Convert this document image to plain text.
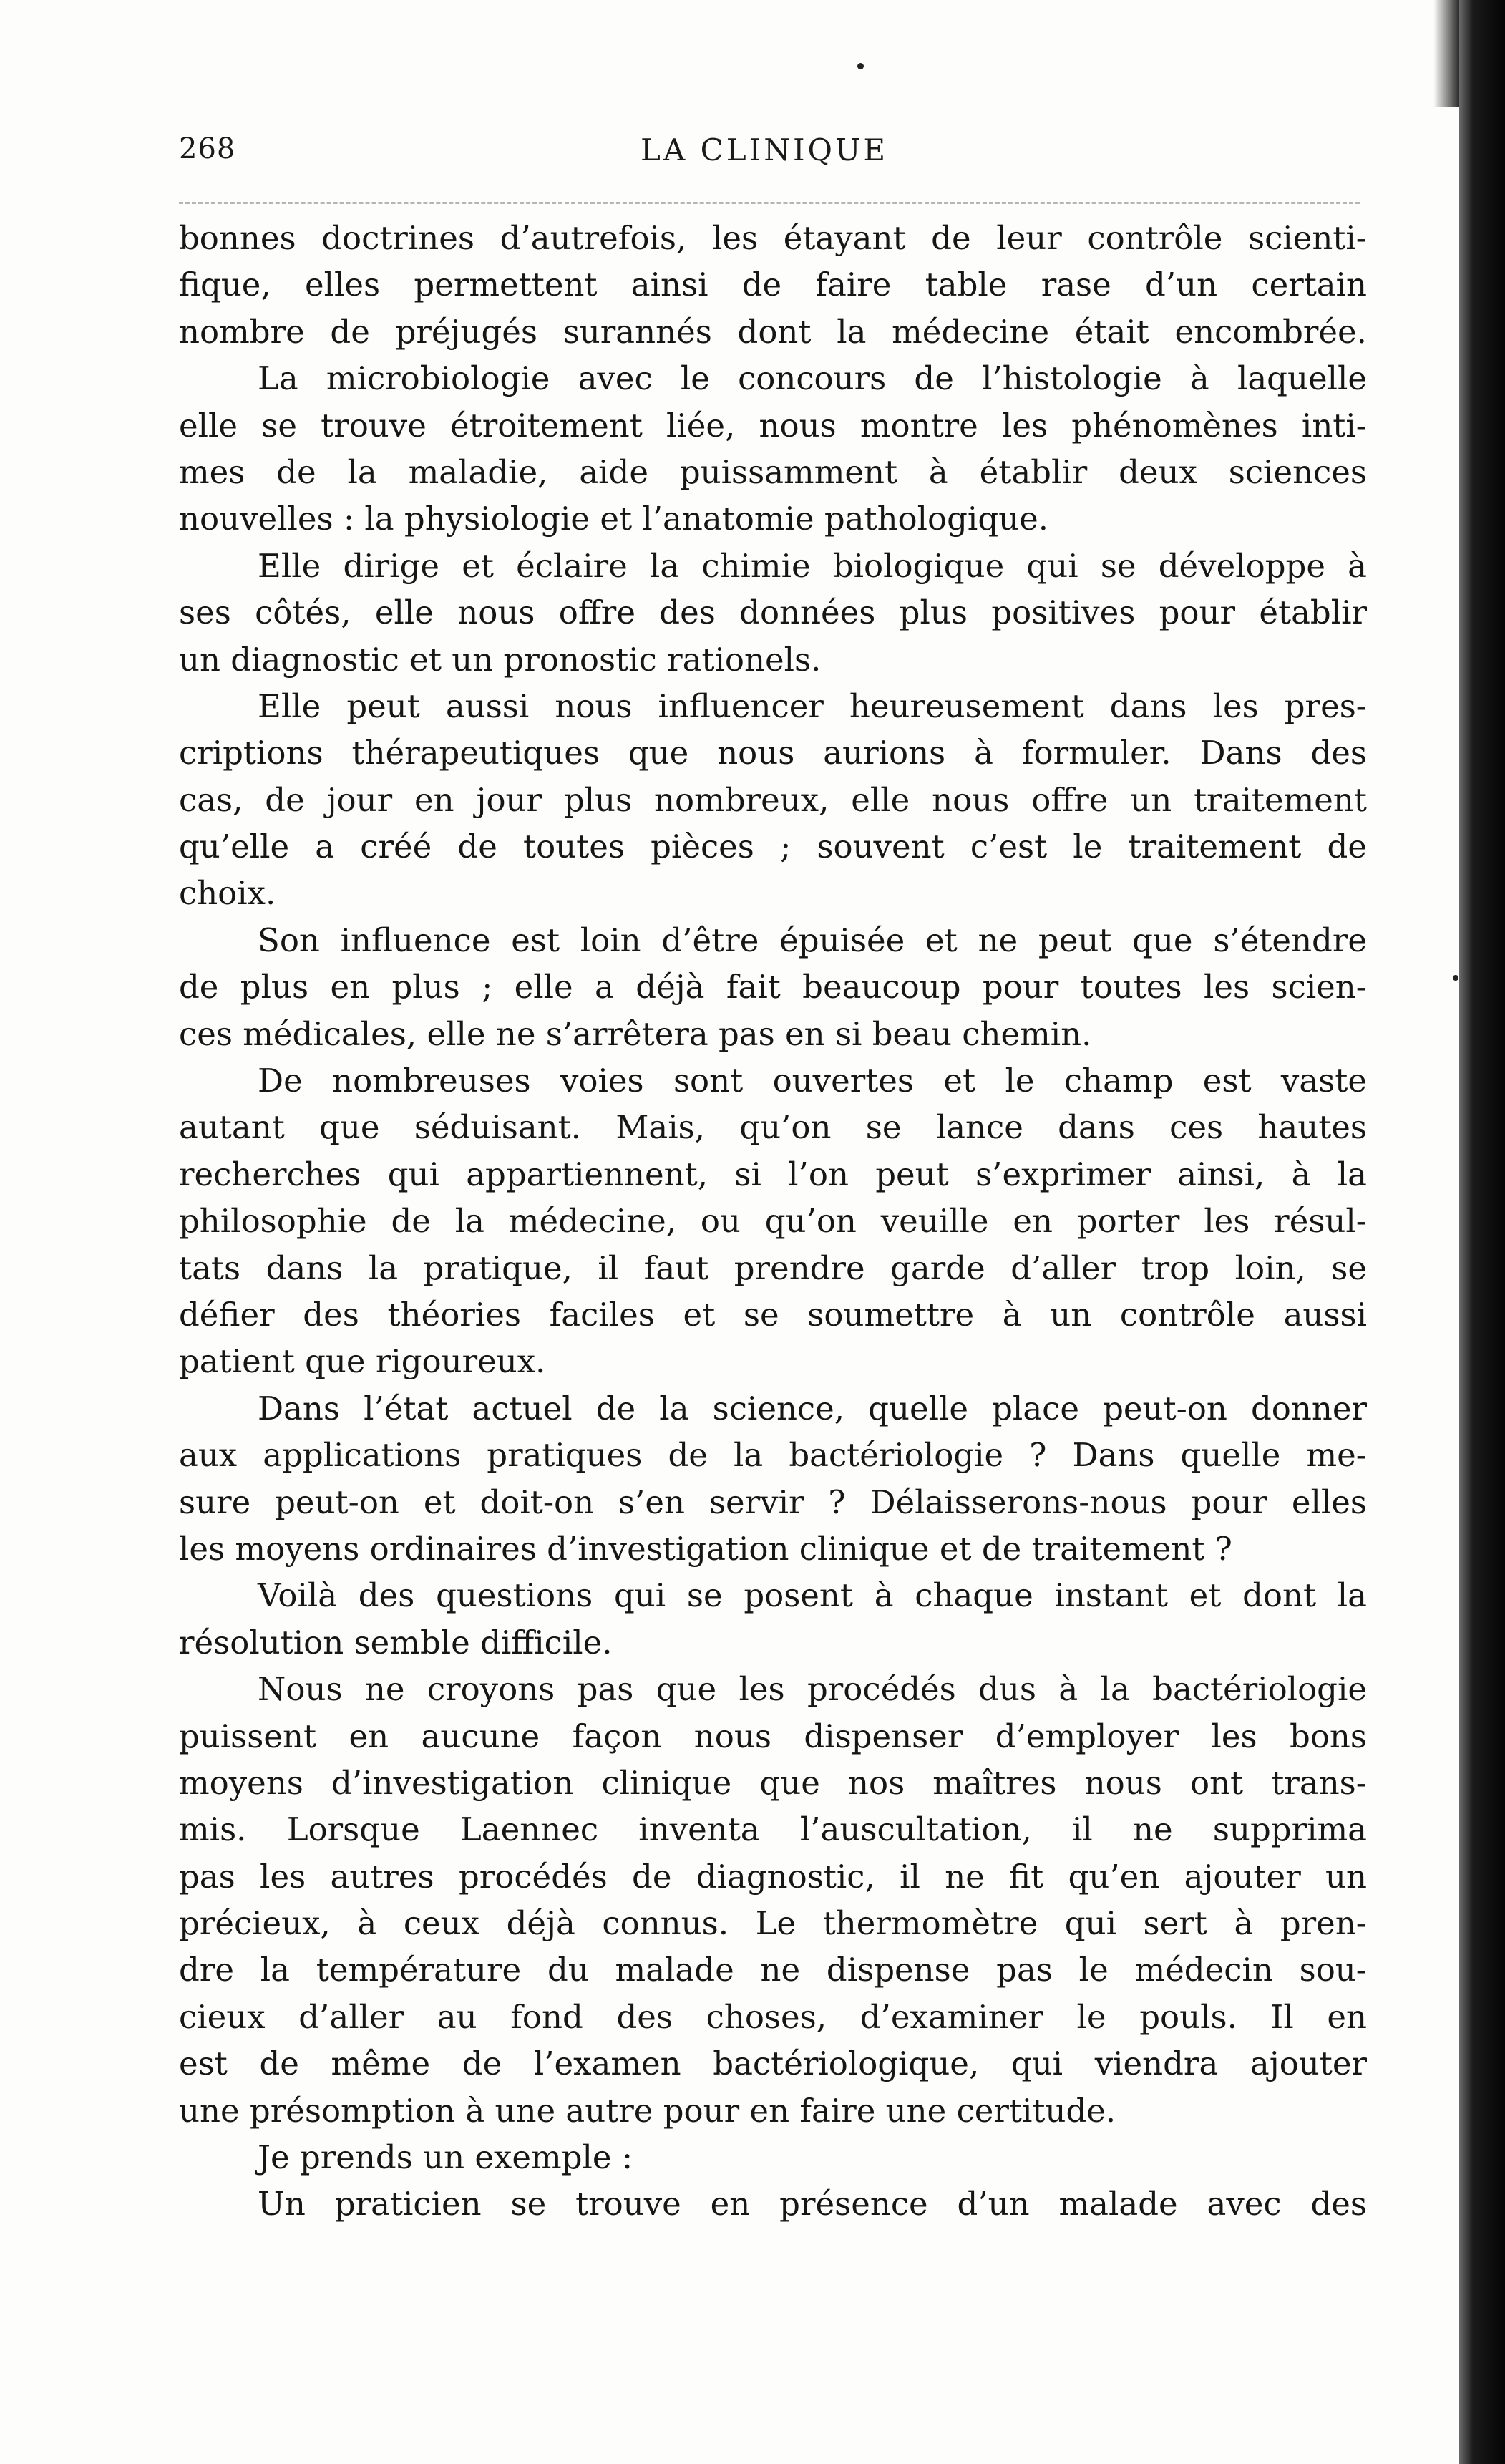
268	LA CLINIQUE
bonnes doctrines d’autrefois, les étayant de leur contrôle scienti-
fique, elles permettent ainsi de faire table rase d’un certain
nombre de préjugés surannés dont la médecine était encombrée.
La microbiologie avec le concours de l’histologie à laquelle
elle se trouve étroitement liée, nous montre les phénomènes inti-
mes de la maladie, aide puissamment à établir deux sciences
nouvelles : la physiologie et l’anatomie pathologique.
Elle dirige et éclaire la chimie biologique qui se développe à
ses côtés, elle nous offre des données plus positives pour établir
un diagnostic et un pronostic rationels.
Elle peut aussi nous influencer heureusement dans les pres-
criptions thérapeutiques que nous aurions à formuler. Dans des
cas, de jour en jour plus nombreux, elle nous offre un traitement
qu’elle a créé de toutes pièces ; souvent c’est le traitement de
choix.
Son influence est loin d’être épuisée et ne peut que s’étendre
de plus en plus ; elle a déjà fait beaucoup pour toutes les scien-
ces médicales, elle ne s’arrêtera pas en si beau chemin.
De nombreuses voies sont ouvertes et le champ est vaste
autant que séduisant. Mais, qu’on se lance dans ces hautes
recherches qui appartiennent, si l’on peut s’exprimer ainsi, à la
philosophie de la médecine, ou qu’on veuille en porter les résul-
tats dans la pratique, il faut prendre garde d’aller trop loin, se
défier des théories faciles et se soumettre à un contrôle aussi
patient que rigoureux.
Dans l’état actuel de la science, quelle place peut-on donner
aux applications pratiques de la bactériologie ? Dans quelle me-
sure peut-on et doit-on s’en servir ? Délaisserons-nous pour elles
les moyens ordinaires d’investigation clinique et de traitement ?
Voilà des questions qui se posent à chaque instant et dont la
résolution semble difficile.
Nous ne croyons pas que les procédés dus à la bactériologie
puissent en aucune façon nous dispenser d’employer les bons
moyens d’investigation clinique que nos maîtres nous ont trans-
mis. Lorsque Laennec inventa l’auscultation, il ne supprima
pas les autres procédés de diagnostic, il ne fit qu’en ajouter un
précieux, à ceux déjà connus. Le thermomètre qui sert à pren-
dre la température du malade ne dispense pas le médecin sou-
cieux d’aller au fond des choses, d’examiner le pouls. Il en
est de même de l’examen bactériologique, qui viendra ajouter
une présomption à une autre pour en faire une certitude.
Je prends un exemple :
Un praticien se trouve en présence d’un malade avec des
